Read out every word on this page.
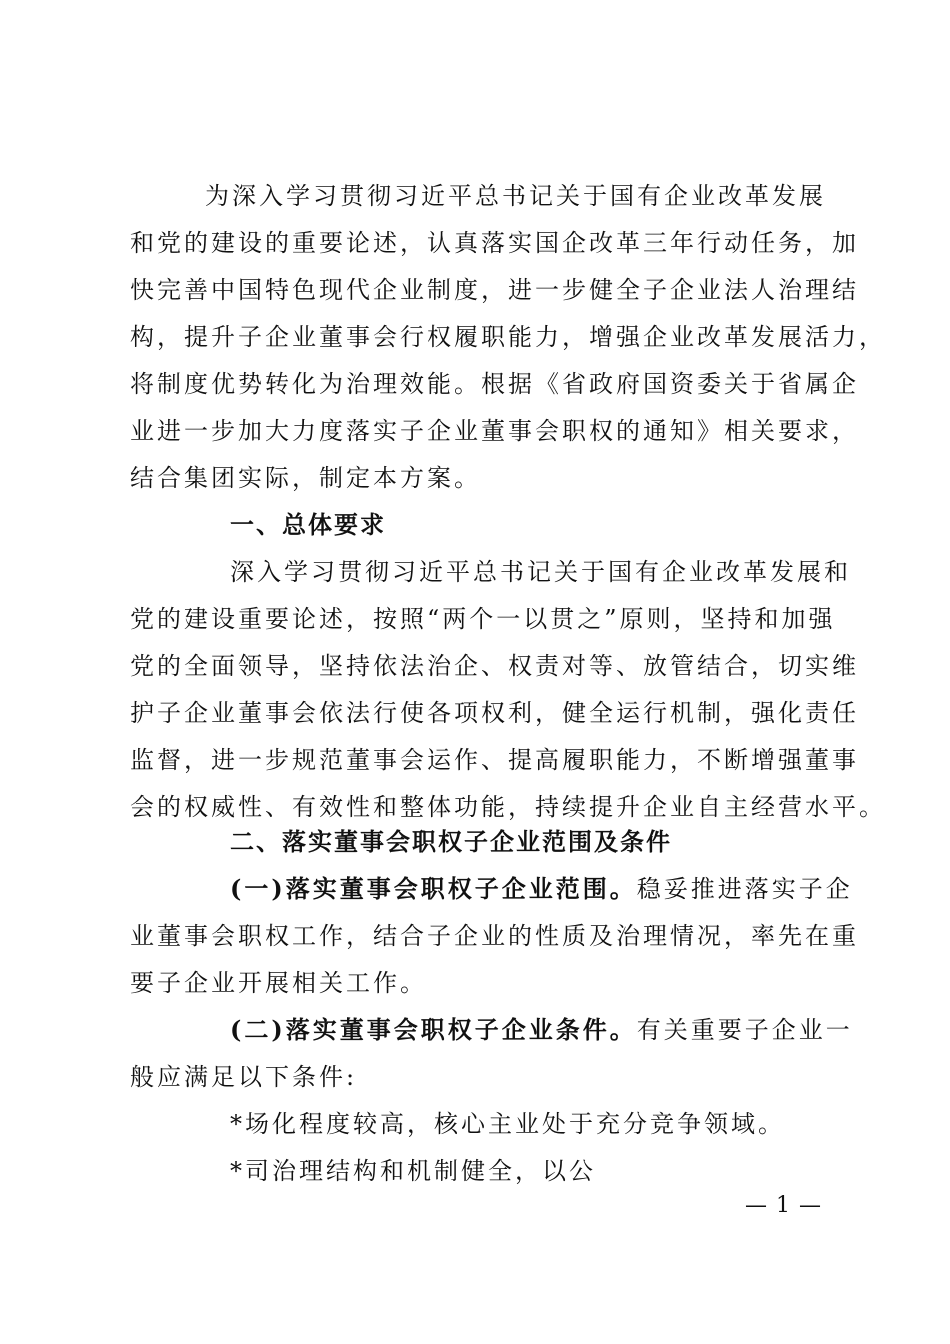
为深入学习贯彻习近平总书记关于国有企业改革发展
和党的建设的重要论述，认真落实国企改革三年行动任务，加
快完善中国特色现代企业制度，进一步健全子企业法人治理结
构，提升子企业董事会行权履职能力，增强企业改革发展活力，
将制度优势转化为治理效能。根据《省政府国资委关于省属企
业进一步加大力度落实子企业董事会职权的通知》相关要求，
结合集团实际，制定本方案。
一、总体要求
深入学习贯彻习近平总书记关于国有企业改革发展和
党的建设重要论述，按照“两个一以贯之”原则，坚持和加强
党的全面领导，坚持依法治企、权责对等、放管结合，切实维
护子企业董事会依法行使各项权利，健全运行机制，强化责任
监督，进一步规范董事会运作、提高履职能力，不断增强董事
会的权威性、有效性和整体功能，持续提升企业自主经营水平。
二、落实董事会职权子企业范围及条件
(一)落实董事会职权子企业范围。稳妥推进落实子企
业董事会职权工作，结合子企业的性质及治理情况，率先在重
要子企业开展相关工作。
(二)落实董事会职权子企业条件。有关重要子企业一
般应满足以下条件:
*场化程度较高，核心主业处于充分竞争领域。
*司治理结构和机制健全，以公
— 1 —
